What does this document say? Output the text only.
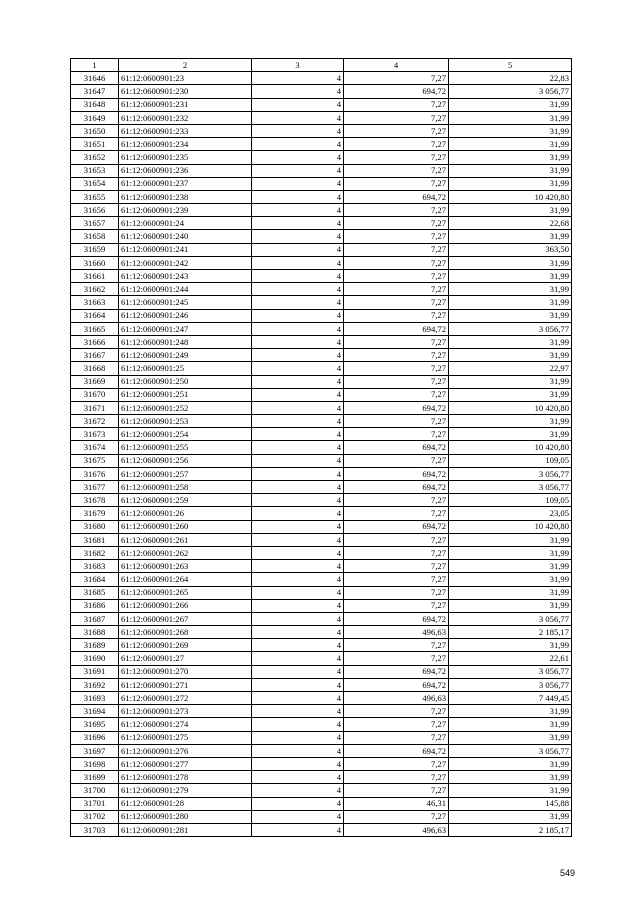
1	2	3	4	5
31646	61:12:0600901:23	4	7,27	22,83
31647	61:12:0600901:230	4	694,72	3 056,77
31648	61:12:0600901:231	4	7,27	31,99
31649	61:12:0600901:232	4	7,27	31,99
31650	61:12:0600901:233	4	7,27	31,99
31651	61:12:0600901:234	4	7,27	31,99
31652	61:12:0600901:235	4	7,27	31,99
31653	61:12:0600901:236	4	7,27	31,99
31654	61:12:0600901:237	4	7,27	31,99
31655	61:12:0600901:238	4	694,72	10 420,80
31656	61:12:0600901:239	4	7,27	31,99
31657	61:12:0600901:24	4	7,27	22,68
31658	61:12:0600901:240	4	7,27	31,99
31659	61:12:0600901:241	4	7,27	363,50
31660	61:12:0600901:242	4	7,27	31,99
31661	61:12:0600901:243	4	7,27	31,99
31662	61:12:0600901:244	4	7,27	31,99
31663	61:12:0600901:245	4	7,27	31,99
31664	61:12:0600901:246	4	7,27	31,99
31665	61:12:0600901:247	4	694,72	3 056,77
31666	61:12:0600901:248	4	7,27	31,99
31667	61:12:0600901:249	4	7,27	31,99
31668	61:12:0600901:25	4	7,27	22,97
31669	61:12:0600901:250	4	7,27	31,99
31670	61:12:0600901:251	4	7,27	31,99
31671	61:12:0600901:252	4	694,72	10 420,80
31672	61:12:0600901:253	4	7,27	31,99
31673	61:12:0600901:254	4	7,27	31,99
31674	61:12:0600901:255	4	694,72	10 420,80
31675	61:12:0600901:256	4	7,27	109,05
31676	61:12:0600901:257	4	694,72	3 056,77
31677	61:12:0600901:258	4	694,72	3 056,77
31678	61:12:0600901:259	4	7,27	109,05
31679	61:12:0600901:26	4	7,27	23,05
31680	61:12:0600901:260	4	694,72	10 420,80
31681	61:12:0600901:261	4	7,27	31,99
31682	61:12:0600901:262	4	7,27	31,99
31683	61:12:0600901:263	4	7,27	31,99
31684	61:12:0600901:264	4	7,27	31,99
31685	61:12:0600901:265	4	7,27	31,99
31686	61:12:0600901:266	4	7,27	31,99
31687	61:12:0600901:267	4	694,72	3 056,77
31688	61:12:0600901:268	4	496,63	2 185,17
31689	61:12:0600901:269	4	7,27	31,99
31690	61:12:0600901:27	4	7,27	22,61
31691	61:12:0600901:270	4	694,72	3 056,77
31692	61:12:0600901:271	4	694,72	3 056,77
31693	61:12:0600901:272	4	496,63	7 449,45
31694	61:12:0600901:273	4	7,27	31,99
31695	61:12:0600901:274	4	7,27	31,99
31696	61:12:0600901:275	4	7,27	31,99
31697	61:12:0600901:276	4	694,72	3 056,77
31698	61:12:0600901:277	4	7,27	31,99
31699	61:12:0600901:278	4	7,27	31,99
31700	61:12:0600901:279	4	7,27	31,99
31701	61:12:0600901:28	4	46,31	145,88
31702	61:12:0600901:280	4	7,27	31,99
31703	61:12:0600901:281	4	496,63	2 185,17
549
